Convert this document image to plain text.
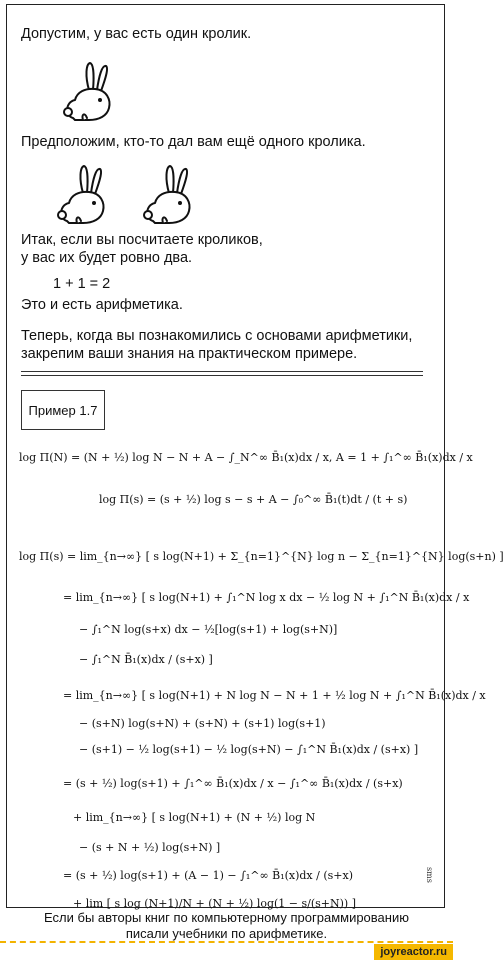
Допустим, у вас есть один кролик.

Предположим, кто-то дал вам ещё одного кролика.

Итак, если вы посчитаете кроликов,

у вас их будет ровно два.

1 + 1 = 2

Это и есть арифметика.

Теперь, когда вы познакомились с основами арифметики,

закрепим ваши знания на практическом примере.

Пример 1.7

log Π(N) = (N + ½) log N − N + A − ∫_N^∞ B̄₁(x)dx / x, A = 1 + ∫₁^∞ B̄₁(x)dx / x

log Π(s) = (s + ½) log s − s + A − ∫₀^∞ B̄₁(t)dt / (t + s)

log Π(s) = lim_{n→∞} [ s log(N+1) + Σ_{n=1}^{N} log n − Σ_{n=1}^{N} log(s+n) ]

= lim_{n→∞} [ s log(N+1) + ∫₁^N log x dx − ½ log N + ∫₁^N B̄₁(x)dx / x

− ∫₁^N log(s+x) dx − ½[log(s+1) + log(s+N)]

− ∫₁^N B̄₁(x)dx / (s+x) ]

= lim_{n→∞} [ s log(N+1) + N log N − N + 1 + ½ log N + ∫₁^N B̄₁(x)dx / x

− (s+N) log(s+N) + (s+N) + (s+1) log(s+1)

− (s+1) − ½ log(s+1) − ½ log(s+N) − ∫₁^N B̄₁(x)dx / (s+x) ]

= (s + ½) log(s+1) + ∫₁^∞ B̄₁(x)dx / x − ∫₁^∞ B̄₁(x)dx / (s+x)

+ lim_{n→∞} [ s log(N+1) + (N + ½) log N

− (s + N + ½) log(s+N) ]

= (s + ½) log(s+1) + (A − 1) − ∫₁^∞ B̄₁(x)dx / (s+x)

+ lim [ s log (N+1)/N + (N + ½) log(1 − s/(s+N)) ]

sms

Если бы авторы книг по компьютерному программированию

писали учебники по арифметике.

joyreactor.ru
